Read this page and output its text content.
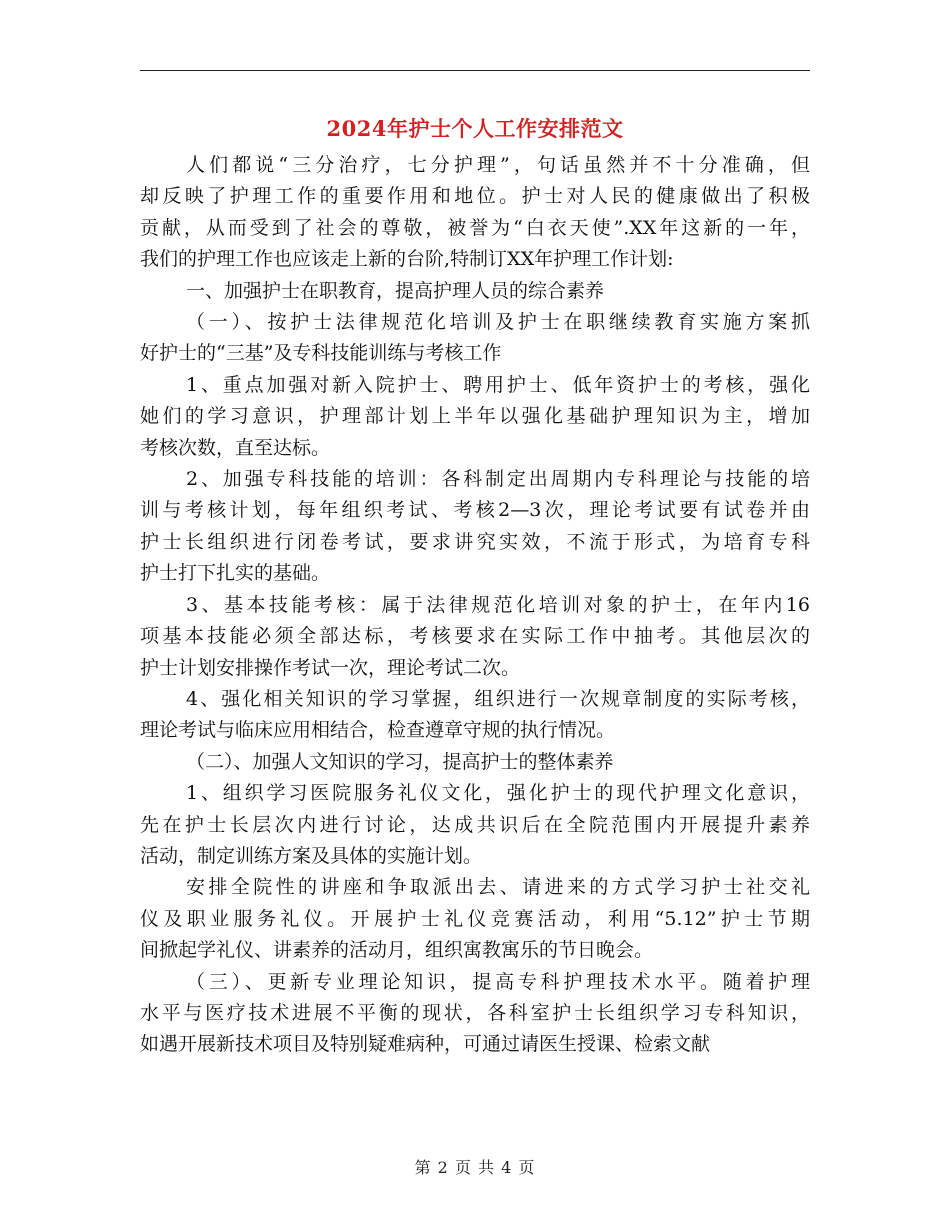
2024年护士个人工作安排范文

人们都说“三分治疗，七分护理”，句话虽然并不十分准确，但
却反映了护理工作的重要作用和地位。护士对人民的健康做出了积极
贡献，从而受到了社会的尊敬，被誉为“白衣天使”.XX年这新的一年，
我们的护理工作也应该走上新的台阶,特制订XX年护理工作计划:

一、加强护士在职教育，提高护理人员的综合素养

（一）、按护士法律规范化培训及护士在职继续教育实施方案抓
好护士的“三基”及专科技能训练与考核工作

1、重点加强对新入院护士、聘用护士、低年资护士的考核，强化
她们的学习意识，护理部计划上半年以强化基础护理知识为主，增加
考核次数，直至达标。

2、加强专科技能的培训：各科制定出周期内专科理论与技能的培
训与考核计划，每年组织考试、考核2—3次，理论考试要有试卷并由
护士长组织进行闭卷考试，要求讲究实效，不流于形式，为培育专科
护士打下扎实的基础。

3、基本技能考核：属于法律规范化培训对象的护士，在年内16
项基本技能必须全部达标，考核要求在实际工作中抽考。其他层次的
护士计划安排操作考试一次，理论考试二次。

4、强化相关知识的学习掌握，组织进行一次规章制度的实际考核，
理论考试与临床应用相结合，检查遵章守规的执行情况。

（二）、加强人文知识的学习，提高护士的整体素养

1、组织学习医院服务礼仪文化，强化护士的现代护理文化意识，
先在护士长层次内进行讨论，达成共识后在全院范围内开展提升素养
活动，制定训练方案及具体的实施计划。

安排全院性的讲座和争取派出去、请进来的方式学习护士社交礼
仪及职业服务礼仪。开展护士礼仪竞赛活动，利用“5.12”护士节期
间掀起学礼仪、讲素养的活动月，组织寓教寓乐的节日晚会。

（三）、更新专业理论知识，提高专科护理技术水平。随着护理
水平与医疗技术进展不平衡的现状，各科室护士长组织学习专科知识，
如遇开展新技术项目及特别疑难病种，可通过请医生授课、检索文献

第 2 页 共 4 页
